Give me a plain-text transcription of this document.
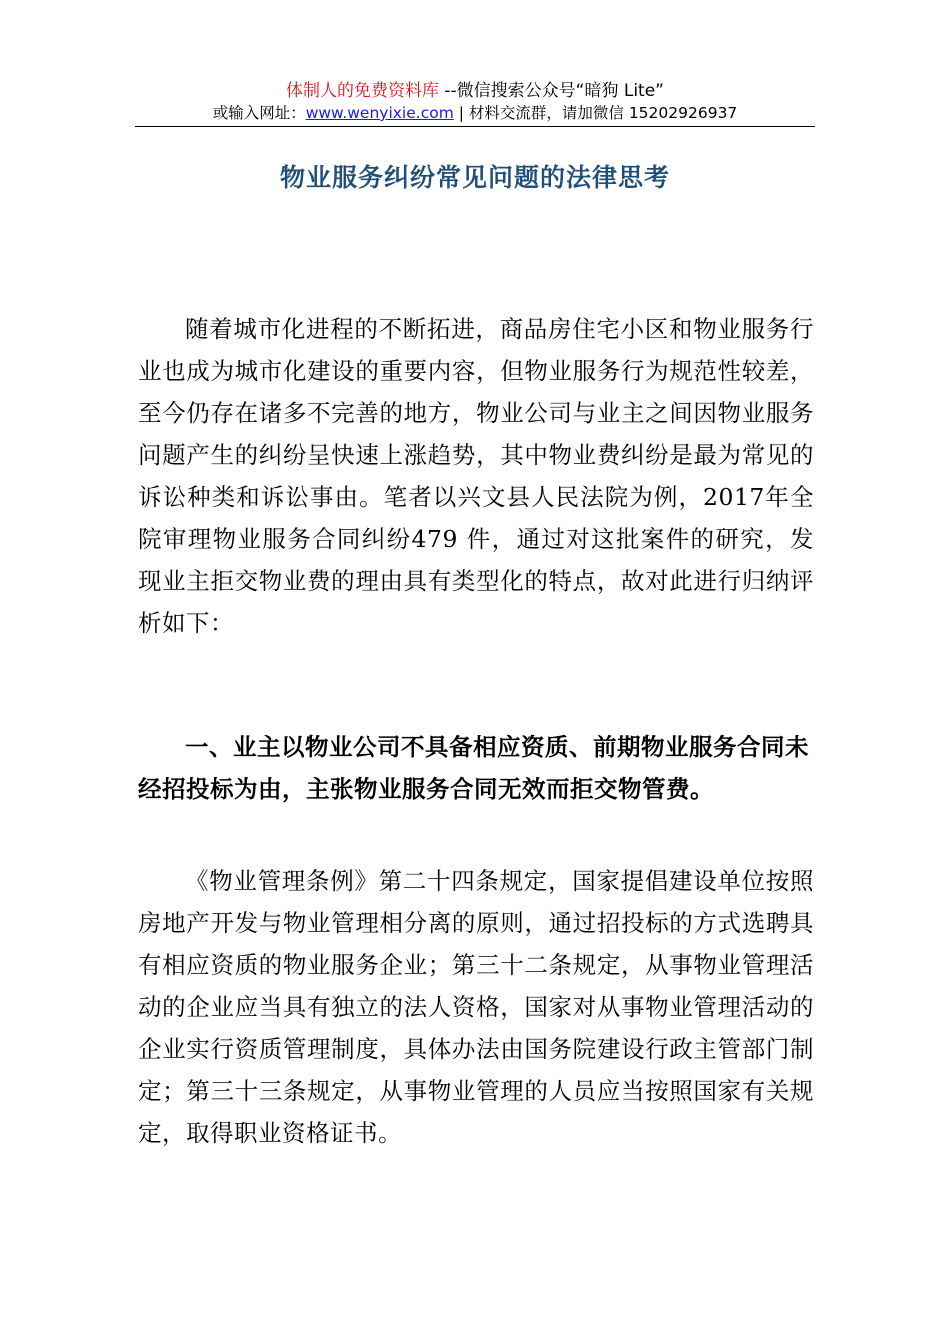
体制人的免费资料库 --微信搜索公众号“暗狗 Lite”
或输入网址：www.wenyixie.com | 材料交流群，请加微信 15202926937
物业服务纠纷常见问题的法律思考
随着城市化进程的不断拓进，商品房住宅小区和物业服务行业也成为城市化建设的重要内容，但物业服务行为规范性较差，至今仍存在诸多不完善的地方，物业公司与业主之间因物业服务问题产生的纠纷呈快速上涨趋势，其中物业费纠纷是最为常见的诉讼种类和诉讼事由。笔者以兴文县人民法院为例，2017年全院审理物业服务合同纠纷479 件，通过对这批案件的研究，发现业主拒交物业费的理由具有类型化的特点，故对此进行归纳评析如下：
一、业主以物业公司不具备相应资质、前期物业服务合同未经招投标为由，主张物业服务合同无效而拒交物管费。
《物业管理条例》第二十四条规定，国家提倡建设单位按照房地产开发与物业管理相分离的原则，通过招投标的方式选聘具有相应资质的物业服务企业；第三十二条规定，从事物业管理活动的企业应当具有独立的法人资格，国家对从事物业管理活动的企业实行资质管理制度，具体办法由国务院建设行政主管部门制定；第三十三条规定，从事物业管理的人员应当按照国家有关规定，取得职业资格证书。
